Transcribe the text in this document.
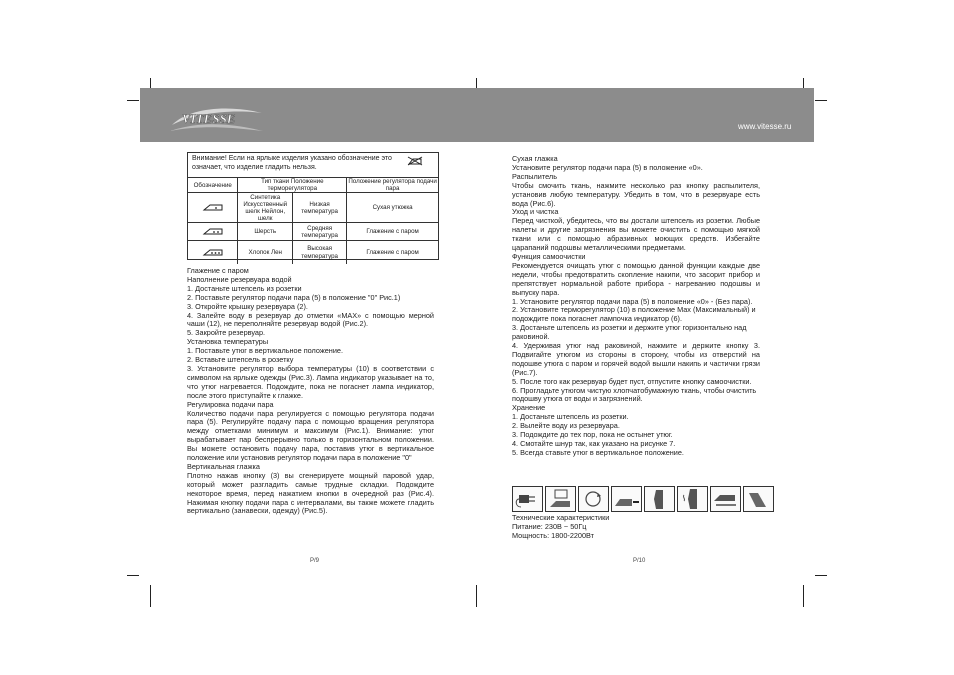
VITESSE
www.vitesse.ru
Внимание! Если на ярлыке изделия указано обозначение это означает, что изделие гладить нельзя.
Обозначение	Тип ткани Положение терморегулятора		Положение регулятора подачи пара
	Синтетика Искусственный шелк Нейлон, шелк	Низкая температура	Сухая утюжка
	Шерсть	Средняя температура	Глажение с паром
	Хлопок Лен	Высокая температура	Глажение с паром

Глажение с паром

Наполнение резервуара водой

1. Достаньте штепсель из розетки

2. Поставьте регулятор подачи пара (5) в положение "0" Рис.1)

3. Откройте крышку резервуара (2).

4. Залейте воду в резервуар до отметки «MAX» с помощью мерной чаши (12), не переполняйте резервуар водой (Рис.2).

5. Закройте резервуар.

Установка температуры

1. Поставьте утюг в вертикальное положение.

2. Вставьте штепсель в розетку

3. Установите регулятор выбора температуры (10) в соответствии с символом на ярлыке одежды (Рис.3). Лампа индикатор указывает на то, что утюг нагревается. Подождите, пока не погаснет лампа индикатор, после этого приступайте к глажке.

Регулировка подачи пара

Количество подачи пара регулируется с помощью регулятора подачи пара (5). Регулируйте подачу пара с помощью вращения регулятора между отметками минимум и максимум (Рис.1). Внимание: утюг вырабатывает пар беспрерывно только в горизонтальном положении. Вы можете остановить подачу пара, поставив утюг в вертикальное положение или установив регулятор подачи пара в положение "0"

Вертикальная глажка

Плотно нажав кнопку (3) вы сгенерируете мощный паровой удар, который может разгладить самые трудные складки. Подождите некоторое время, перед нажатием кнопки в очередной раз (Рис.4). Нажимая кнопку подачи пара с интервалами, вы также можете гладить вертикально (занавески, одежду) (Рис.5).

Сухая глажка

Установите регулятор подачи пара (5) в положение «0».

Распылитель

Чтобы смочить ткань, нажмите несколько раз кнопку распылителя, установив любую температуру. Убедить в том, что в резервуаре есть вода (Рис.6).

Уход и чистка

Перед чисткой, убедитесь, что вы достали штепсель из розетки. Любые налеты и другие загрязнения вы можете очистить с помощью мягкой ткани или с помощью абразивных моющих средств. Избегайте царапаний подошвы металлическими предметами.

Функция самоочистки

Рекомендуется очищать утюг с помощью данной функции каждые две недели, чтобы предотвратить скопление накипи, что засорит прибор и препятствует нормальной работе прибора - нагреванию подошвы и выпуску пара.

1. Установите регулятор подачи пара (5) в положение «0» - (Без пара).

2. Установите терморегулятор (10) в положение Max (Максимальный) и подождите пока погаснет лампочка индикатор (6).

3. Достаньте штепсель из розетки и держите утюг горизонтально над раковиной.

4. Удерживая утюг над раковиной, нажмите и держите кнопку 3. Подвигайте утюгом из стороны в сторону, чтобы из отверстий на подошве утюга с паром и горячей водой вышли накипь и частички грязи (Рис.7).

5. После того как резервуар будет пуст, отпустите кнопку самоочистки.

6. Прогладьте утюгом чистую хлопчатобумажную ткань, чтобы очистить подошву утюга от воды и загрязнений.

Хранение

1. Достаньте штепсель из розетки.

2. Вылейте воду из резервуара.

3. Подождите до тех пор, пока не остынет утюг.

4. Смотайте шнур так, как указано на рисунке 7.

5. Всегда ставьте утюг в вертикальное положение.

Технические характеристики

Питание: 230В ~ 50Гц

Мощность: 1800-2200Вт

P/9	P/10
